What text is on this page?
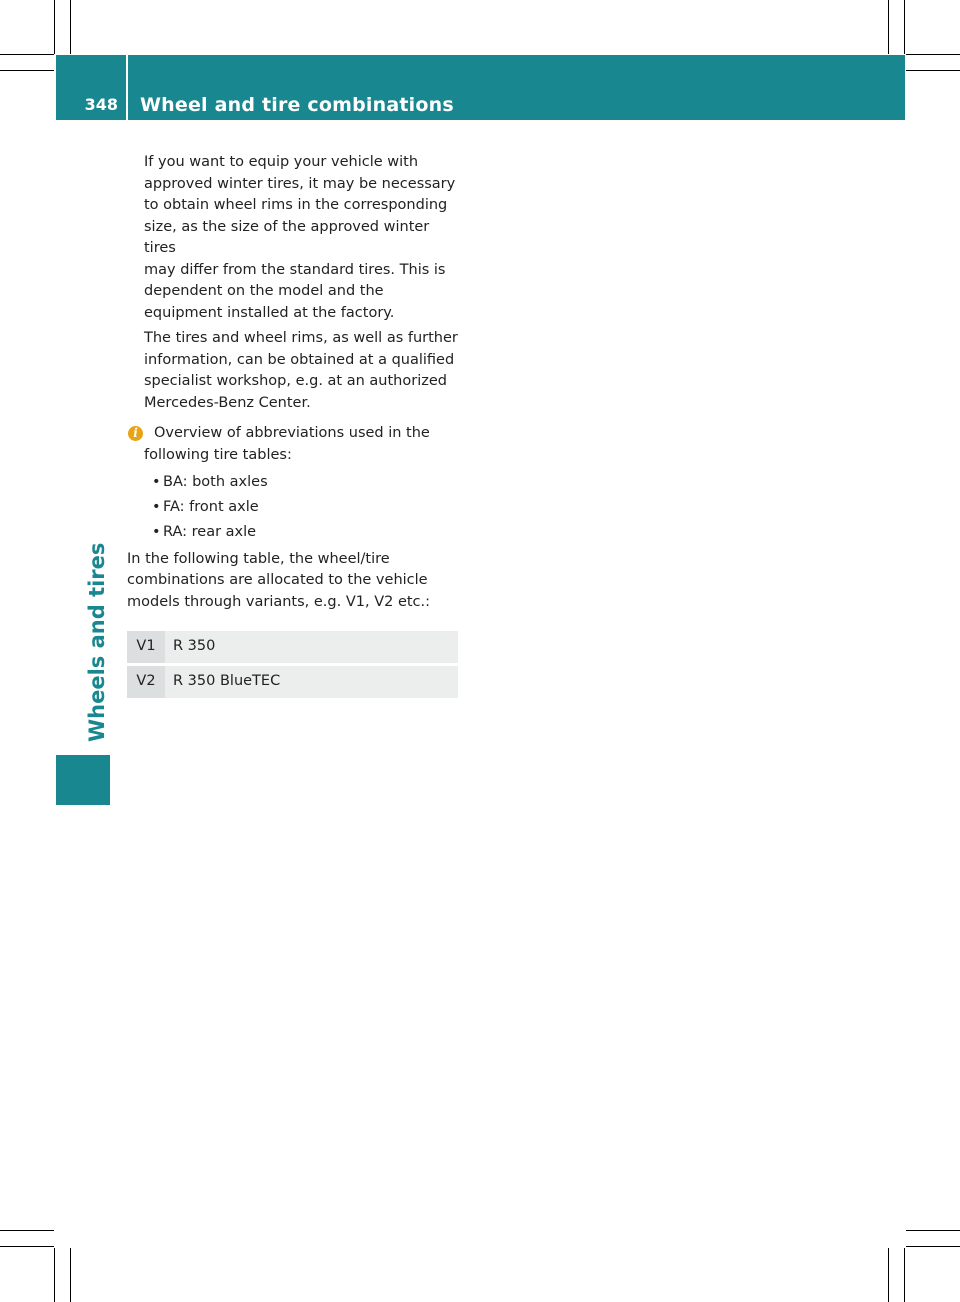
348 Wheel and tire combinations
Wheels and tires

If you want to equip your vehicle with
approved winter tires, it may be necessary
to obtain wheel rims in the corresponding
size, as the size of the approved winter tires
may differ from the standard tires. This is
dependent on the model and the
equipment installed at the factory.

The tires and wheel rims, as well as further
information, can be obtained at a qualified
specialist workshop, e.g. at an authorized
Mercedes-Benz Center.

i	Overview of abbreviations used in the
following tire tables:

• BA: both axles
• FA: front axle
• RA: rear axle

In the following table, the wheel/tire
combinations are allocated to the vehicle
models through variants, e.g. V1, V2 etc.:

V1	R 350
V2	R 350 BlueTEC
